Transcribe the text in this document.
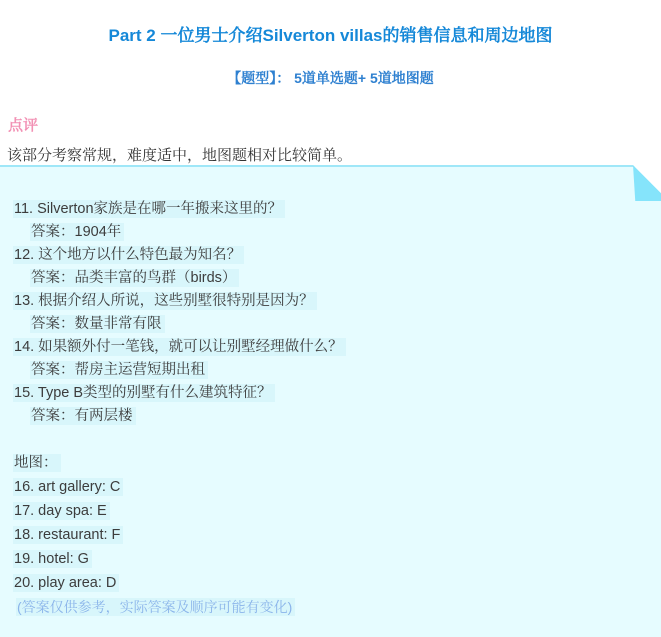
Part 2 一位男士介绍Silverton villas的销售信息和周边地图
【题型】： 5道单选题+ 5道地图题
点评
该部分考察常规，难度适中，地图题相对比较简单。
11. Silverton家族是在哪一年搬来这里的？
答案：1904年
12. 这个地方以什么特色最为知名？
答案：品类丰富的鸟群（birds）
13. 根据介绍人所说，这些别墅很特别是因为？
答案：数量非常有限
14. 如果额外付一笔钱，就可以让别墅经理做什么？
答案：帮房主运营短期出租
15. Type B类型的别墅有什么建筑特征？
答案：有两层楼
地图：
16. art gallery: C
17. day spa: E
18. restaurant: F
19. hotel: G
20. play area: D
(答案仅供参考，实际答案及顺序可能有变化)
